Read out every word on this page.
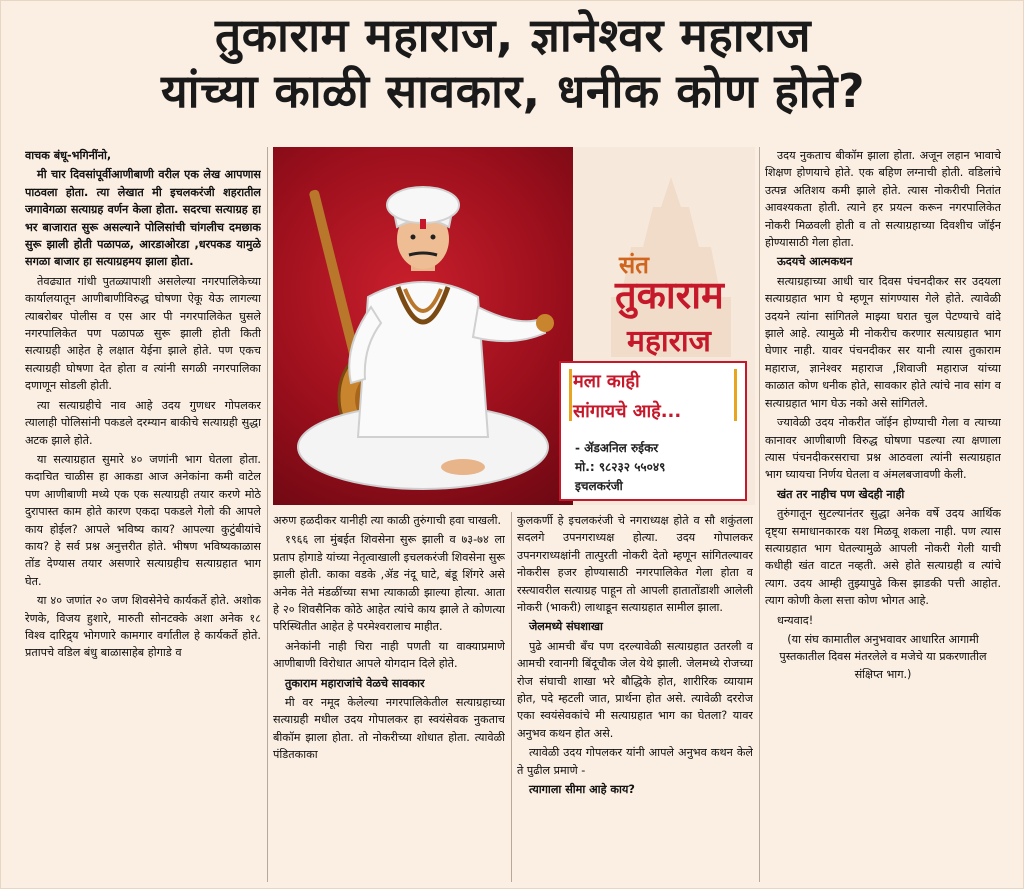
तुकाराम महाराज, ज्ञानेश्वर महाराज
यांच्या काळी सावकार, धनीक कोण होते?

वाचक बंधू-भगिनींनो,

मी चार दिवसांपूर्वीआणीबाणी वरील एक लेख आपणास पाठवला होता. त्या लेखात मी इचलकरंजी शहरातील जगावेगळा सत्याग्रह वर्णन केला होता. सदरचा सत्याग्रह हा भर बाजारात सुरू असल्याने पोलिसांची चांगलीच दमछाक सुरू झाली होती पळापळ, आरडाओरडा ,धरपकड यामुळे सगळा बाजार हा सत्याग्रहमय झाला होता.

तेवढ्यात गांधी पुतळ्यापाशी असलेल्या नगरपालिकेच्या कार्यालयातून आणीबाणीविरुद्ध घोषणा ऐकू येऊ लागल्या त्याबरोबर पोलीस व एस आर पी नगरपालिकेत घुसले नगरपालिकेत पण पळापळ सुरू झाली होती किती सत्याग्रही आहेत हे लक्षात येईना झाले होते. पण एकच सत्याग्रही घोषणा देत होता व त्यांनी सगळी नगरपालिका दणाणून सोडली होती.

त्या सत्याग्रहीचे नाव आहे उदय गुणधर गोपलकर त्यालाही पोलिसांनी पकडले दरम्यान बाकीचे सत्याग्रही सुद्धा अटक झाले होते.

या सत्याग्रहात सुमारे ४० जणांनी भाग घेतला होता. कदाचित चाळीस हा आकडा आज अनेकांना कमी वाटेल पण आणीबाणी मध्ये एक एक सत्याग्रही तयार करणे मोठे दुरापास्त काम होते कारण एकदा पकडले गेलो की आपले काय होईल? आपले भविष्य काय? आपल्या कुटुंबीयांचे काय? हे सर्व प्रश्न अनुत्तरीत होते. भीषण भविष्यकाळास तोंड देण्यास तयार असणारे सत्याग्रहीच सत्याग्रहात भाग घेत.

या ४० जणांत २० जण शिवसेनेचे कार्यकर्ते होते. अशोक रेणके, विजय हुशारे, मारुती सोनटक्के अशा अनेक १८ विश्व दारिद्र्य भोगणारे कामगार वर्गातील हे कार्यकर्ते होते. प्रतापचे वडिल बंधु बाळासाहेब होगाडे व

संत
तुकाराम
महाराज
मला काही
सांगायचे आहे...
- ॲडअनिल रुईकर
मो.: ९८२३२ ५५०४९
इचलकरंजी

अरुण हळदीकर यानीही त्या काळी तुरुंगाची हवा चाखली.

१९६६ ला मुंबईत शिवसेना सुरू झाली व ७३-७४ ला प्रताप होगाडे यांच्या नेतृत्वाखाली इचलकरंजी शिवसेना सुरू झाली होती. काका वडके ,ॲड नंदू घाटे, बंडू शिंगरे असे अनेक नेते मंडळींच्या सभा त्याकाळी झाल्या होत्या. आता हे २० शिवसैनिक कोठे आहेत त्यांचे काय झाले ते कोणत्या परिस्थितीत आहेत हे परमेश्वरालाच माहीत.

अनेकांनी नाही चिरा नाही पणती या वाक्याप्रमाणे आणीबाणी विरोधात आपले योगदान दिले होते.

तुकाराम महाराजांचे वेळचे सावकार

मी वर नमूद केलेल्या नगरपालिकेतील सत्याग्रहाच्या सत्याग्रही मधील उदय गोपालकर हा स्वयंसेवक नुकताच बीकॉम झाला होता. तो नोकरीच्या शोधात होता. त्यावेळी पंडितकाका

कुलकर्णी हे इचलकरंजी चे नगराध्यक्ष होते व सौ शकुंतला सदलगे उपनगराध्यक्ष होत्या. उदय गोपालकर उपनगराध्यक्षांनी तात्पुरती नोकरी देतो म्हणून सांगितल्यावर नोकरीस हजर होण्यासाठी नगरपालिकेत गेला होता व रस्त्यावरील सत्याग्रह पाहून तो आपली हातातोंडाशी आलेली नोकरी (भाकरी) लाथाडून सत्याग्रहात सामील झाला.

जेलमध्ये संघशाखा

पुढे आमची बँच पण दरल्यावेळी सत्याग्रहात उतरली व आमची रवानगी बिंदूचौक जेल येथे झाली. जेलमध्ये रोजच्या रोज संघाची शाखा भरे बौद्धिके होत, शारीरिक व्यायाम होत, पदे म्हटली जात, प्रार्थना होत असे. त्यावेळी दररोज एका स्वयंसेवकांचे मी सत्याग्रहात भाग का घेतला? यावर अनुभव कथन होत असे.

त्यावेळी उदय गोपलकर यांनी आपले अनुभव कथन केले ते पुढील प्रमाणे -

त्यागाला सीमा आहे काय?

उदय नुकताच बीकॉम झाला होता. अजून लहान भावाचे शिक्षण होणयाचे होते. एक बहिण लग्नाची होती. वडिलांचे उत्पन्न अतिशय कमी झाले होते. त्यास नोकरीची नितांत आवश्यकता होती. त्याने हर प्रयत्न करून नगरपालिकेत नोकरी मिळवली होती व तो सत्याग्रहाच्या दिवशीच जॉईन होण्यासाठी गेला होता.

ऊदयचे आत्मकथन

सत्याग्रहाच्या आधी चार दिवस पंचनदीकर सर उदयला सत्याग्रहात भाग घे म्हणून सांगण्यास गेले होते. त्यावेळी उदयने त्यांना सांगितले माझ्या घरात चुल पेटण्याचे वांदे झाले आहे. त्यामुळे मी नोकरीच करणार सत्याग्रहात भाग घेणार नाही. यावर पंचनदीकर सर यानी त्यास तुकाराम महाराज, ज्ञानेश्वर महाराज ,शिवाजी महाराज यांच्या काळात कोण धनीक होते, सावकार होते त्यांचे नाव सांग व सत्याग्रहात भाग घेऊ नको असे सांगितले.

ज्यावेळी उदय नोकरीत जॉईन होण्याची गेला व त्याच्या कानावर आणीबाणी विरुद्ध घोषणा पडल्या त्या क्षणाला त्यास पंचनदीकरसराचा प्रश्न आठवला त्यांनी सत्याग्रहात भाग घ्यायचा निर्णय घेतला व अंमलबजावणी केली.

खंत तर नाहीच पण खेदही नाही

तुरुंगातून सुटल्यानंतर सुद्धा अनेक वर्षे उदय आर्थिक दृष्ट्या समाधानकारक यश मिळवू शकला नाही. पण त्यास सत्याग्रहात भाग घेतल्यामुळे आपली नोकरी गेली याची कधीही खंत वाटत नव्हती. असे होते सत्याग्रही व त्यांचे त्याग. उदय आम्ही तुझ्यापुढे किस झाडकी पत्ती आहोत. त्याग कोणी केला सत्ता कोण भोगत आहे.

धन्यवाद!

(या संघ कामातील अनुभवावर आधारित आगामी पुस्तकातील दिवस मंतरलेले व मजेचे या प्रकरणातील संक्षिप्त भाग.)
